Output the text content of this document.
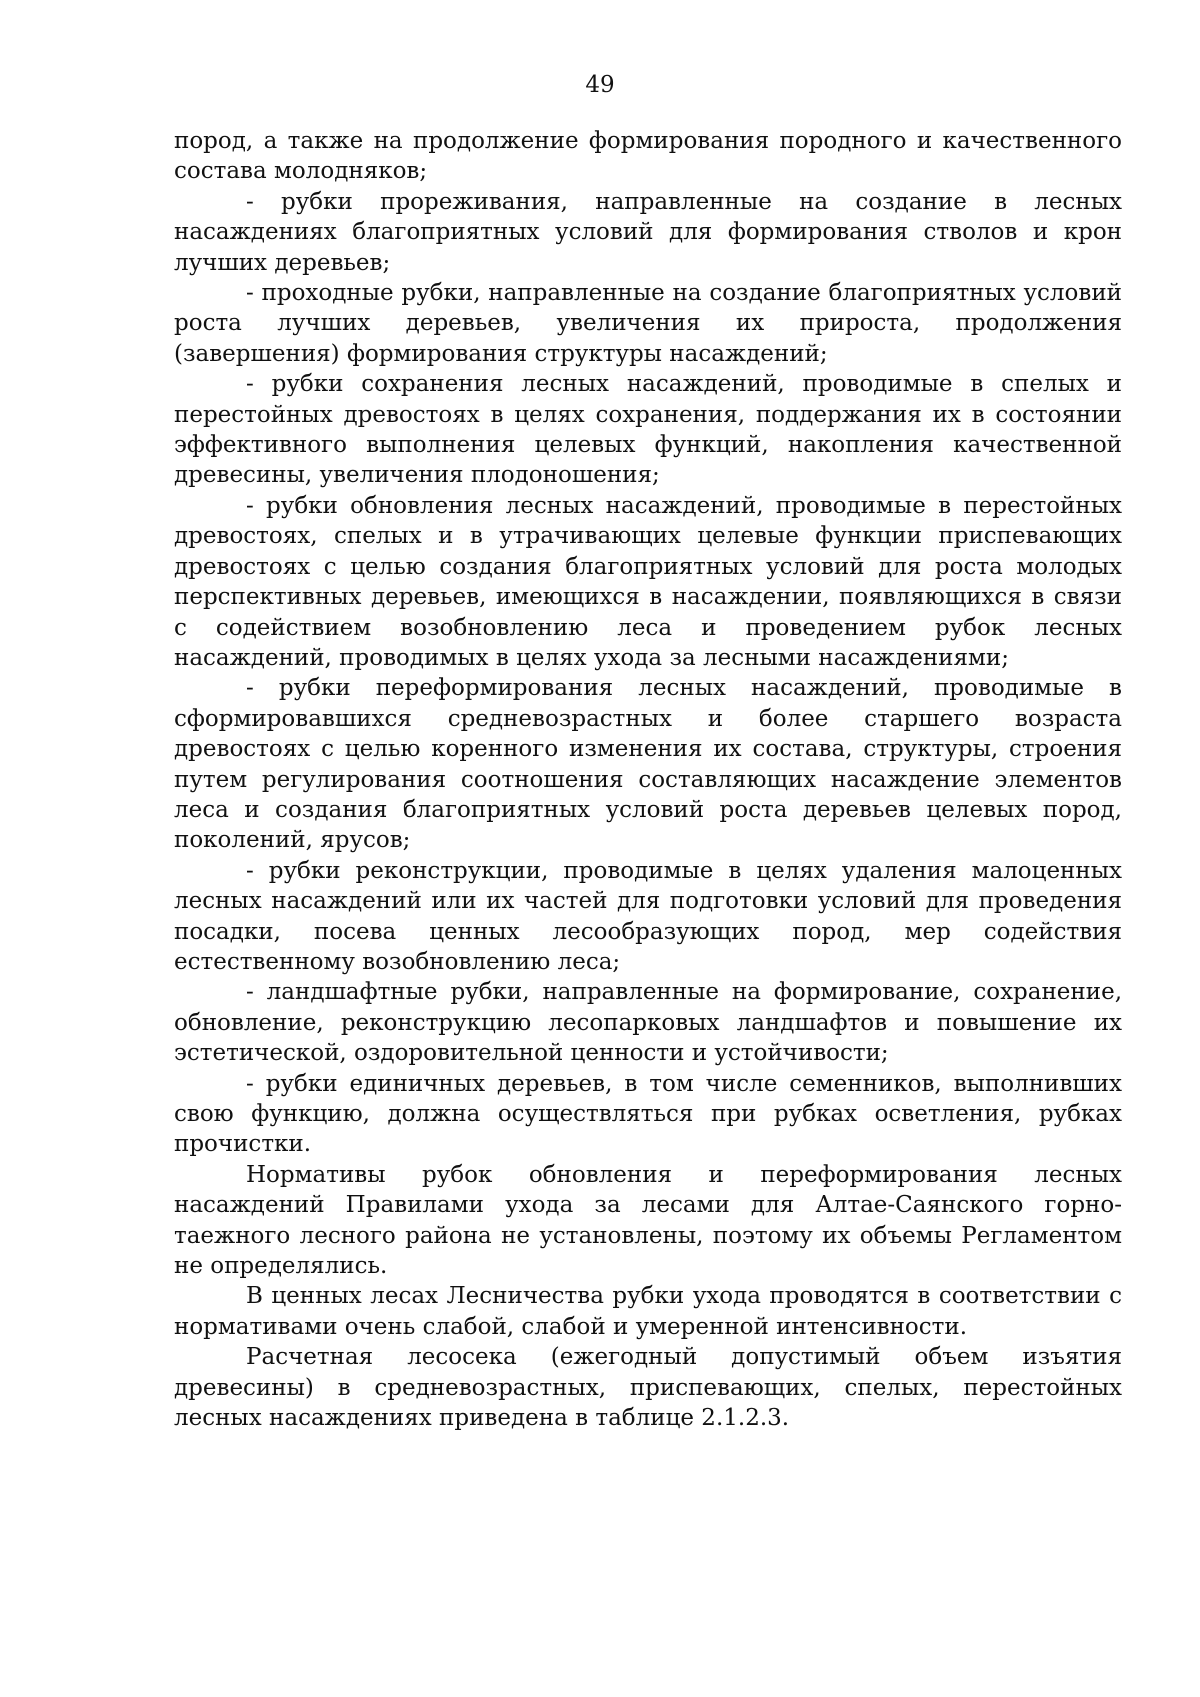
49

пород, а также на продолжение формирования породного и качественного состава молодняков;

- рубки прореживания, направленные на создание в лесных насаждениях благоприятных условий для формирования стволов и крон лучших деревьев;

- проходные рубки, направленные на создание благоприятных условий роста лучших деревьев, увеличения их прироста, продолжения (завершения) формирования структуры насаждений;

- рубки сохранения лесных насаждений, проводимые в спелых и перестойных древостоях в целях сохранения, поддержания их в состоянии эффективного выполнения целевых функций, накопления качественной древесины, увеличения плодоношения;

- рубки обновления лесных насаждений, проводимые в перестойных древостоях, спелых и в утрачивающих целевые функции приспевающих древостоях с целью создания благоприятных условий для роста молодых перспективных деревьев, имеющихся в насаждении, появляющихся в связи с содействием возобновлению леса и проведением рубок лесных насаждений, проводимых в целях ухода за лесными насаждениями;

- рубки переформирования лесных насаждений, проводимые в сформировавшихся средневозрастных и более старшего возраста древостоях с целью коренного изменения их состава, структуры, строения путем регулирования соотношения составляющих насаждение элементов леса и создания благоприятных условий роста деревьев целевых пород, поколений, ярусов;

- рубки реконструкции, проводимые в целях удаления малоценных лесных насаждений или их частей для подготовки условий для проведения посадки, посева ценных лесообразующих пород, мер содействия естественному возобновлению леса;

- ландшафтные рубки, направленные на формирование, сохранение, обновление, реконструкцию лесопарковых ландшафтов и повышение их эстетической, оздоровительной ценности и устойчивости;

- рубки единичных деревьев, в том числе семенников, выполнивших свою функцию, должна осуществляться при рубках осветления, рубках прочистки.

Нормативы рубок обновления и переформирования лесных насаждений Правилами ухода за лесами для Алтае-Саянского горно-таежного лесного района не установлены, поэтому их объемы Регламентом не определялись.

В ценных лесах Лесничества рубки ухода проводятся в соответствии с нормативами очень слабой, слабой и умеренной интенсивности.

Расчетная лесосека (ежегодный допустимый объем изъятия древесины) в средневозрастных, приспевающих, спелых, перестойных лесных насаждениях приведена в таблице 2.1.2.3.
